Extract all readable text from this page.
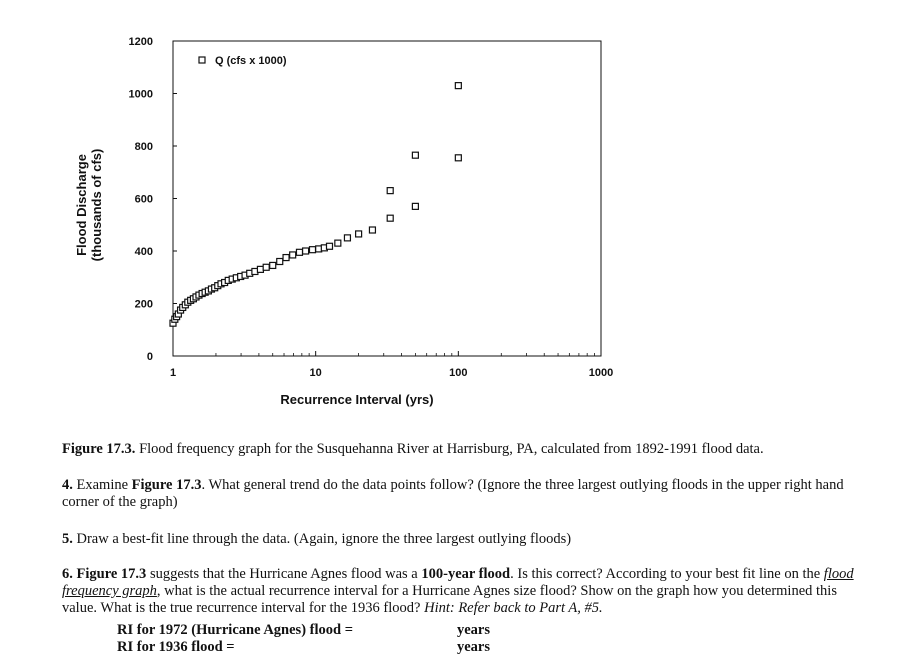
1200
1000
800
600
400
200
0
1	10	100	1000
Q (cfs x 1000)
Recurrence Interval (yrs)
Flood Discharge (thousands of cfs)
Figure 17.3. Flood frequency graph for the Susquehanna River at Harrisburg, PA, calculated from 1892-1991 flood data.
4. Examine Figure 17.3. What general trend do the data points follow? (Ignore the three largest outlying floods in the upper right hand corner of the graph)
5. Draw a best-fit line through the data. (Again, ignore the three largest outlying floods)
6. Figure 17.3 suggests that the Hurricane Agnes flood was a 100-year flood. Is this correct? According to your best fit line on the flood frequency graph, what is the actual recurrence interval for a Hurricane Agnes size flood? Show on the graph how you determined this value. What is the true recurrence interval for the 1936 flood? Hint: Refer back to Part A, #5.
RI for 1972 (Hurricane Agnes) flood =	years
RI for 1936 flood =	years
